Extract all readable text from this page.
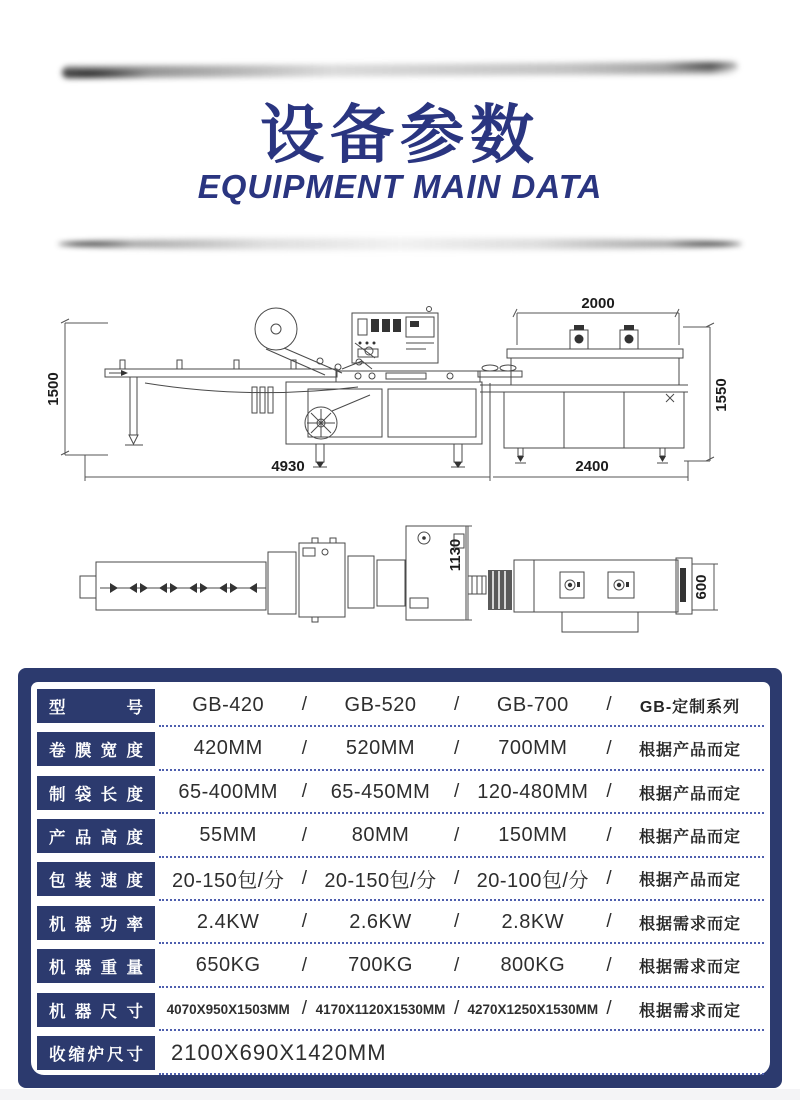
设备参数
EQUIPMENT MAIN DATA
1500
2000
1550
4930	2400
1130
600
型号	GB-420	/	GB-520	/	GB-700	/	GB-定制系列
卷膜宽度	420MM	/	520MM	/	700MM	/	根据产品而定
制袋长度	65-400MM	/	65-450MM	/ 120-480MM /	根据产品而定
产品高度	55MM	/	80MM	/	150MM	/	根据产品而定
包装速度	20-150包/分 / 20-150包/分 / 20-100包/分 /	根据产品而定
机器功率	2.4KW	/	2.6KW	/	2.8KW	/	根据需求而定
机器重量	650KG	/	700KG	/	800KG	/	根据需求而定
机器尺寸	4070X950X1503MM / 4170X1120X1530MM / 4270X1250X1530MM /	根据需求而定
收缩炉尺寸	2100X690X1420MM
